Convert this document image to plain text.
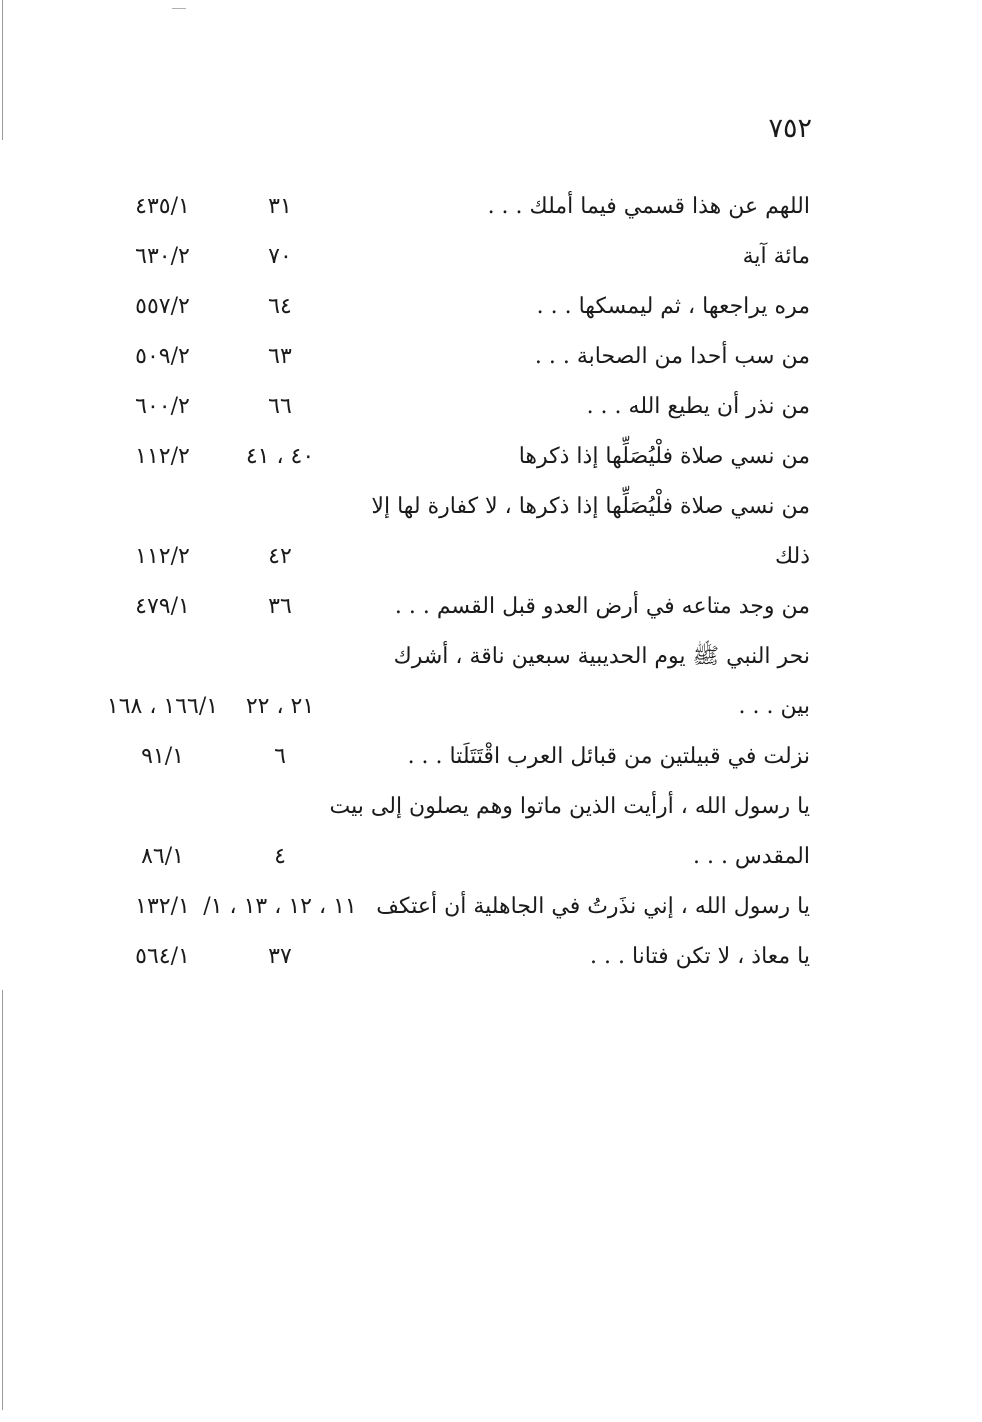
٧٥٢
اللهم عن هذا قسمي فيما أملك . . .
٣١
٤٣٥/١
مائة آية
٧٠
٦٣٠/٢
مره يراجعها ، ثم ليمسكها . . .
٦٤
٥٥٧/٢
من سب أحدا من الصحابة . . .
٦٣
٥٠٩/٢
من نذر أن يطيع الله . . .
٦٦
٦٠٠/٢
من نسي صلاة فلْيُصَلِّها إذا ذكرها
٤٠ ، ٤١
١١٢/٢
من نسي صلاة فلْيُصَلِّها إذا ذكرها ، لا كفارة لها إلا
ذلك
٤٢
١١٢/٢
من وجد متاعه في أرض العدو قبل القسم . . .
٣٦
٤٧٩/١
نحر النبي ﷺ يوم الحديبية سبعين ناقة ، أشرك
بين . . .
٢١ ، ٢٢
١٦٦/١ ، ١٦٨
نزلت في قبيلتين من قبائل العرب اقْتَتَلَتا . . .
٦
٩١/١
يا رسول الله ، أرأيت الذين ماتوا وهم يصلون إلى بيت
المقدس . . .
٤
٨٦/١
يا رسول الله ، إني نذَرتُ في الجاهلية أن أعتكف
١١ ، ١٢ ، ١٣ ، ١/
١٣٢/١
يا معاذ ، لا تكن فتانا . . .
٣٧
٥٦٤/١
